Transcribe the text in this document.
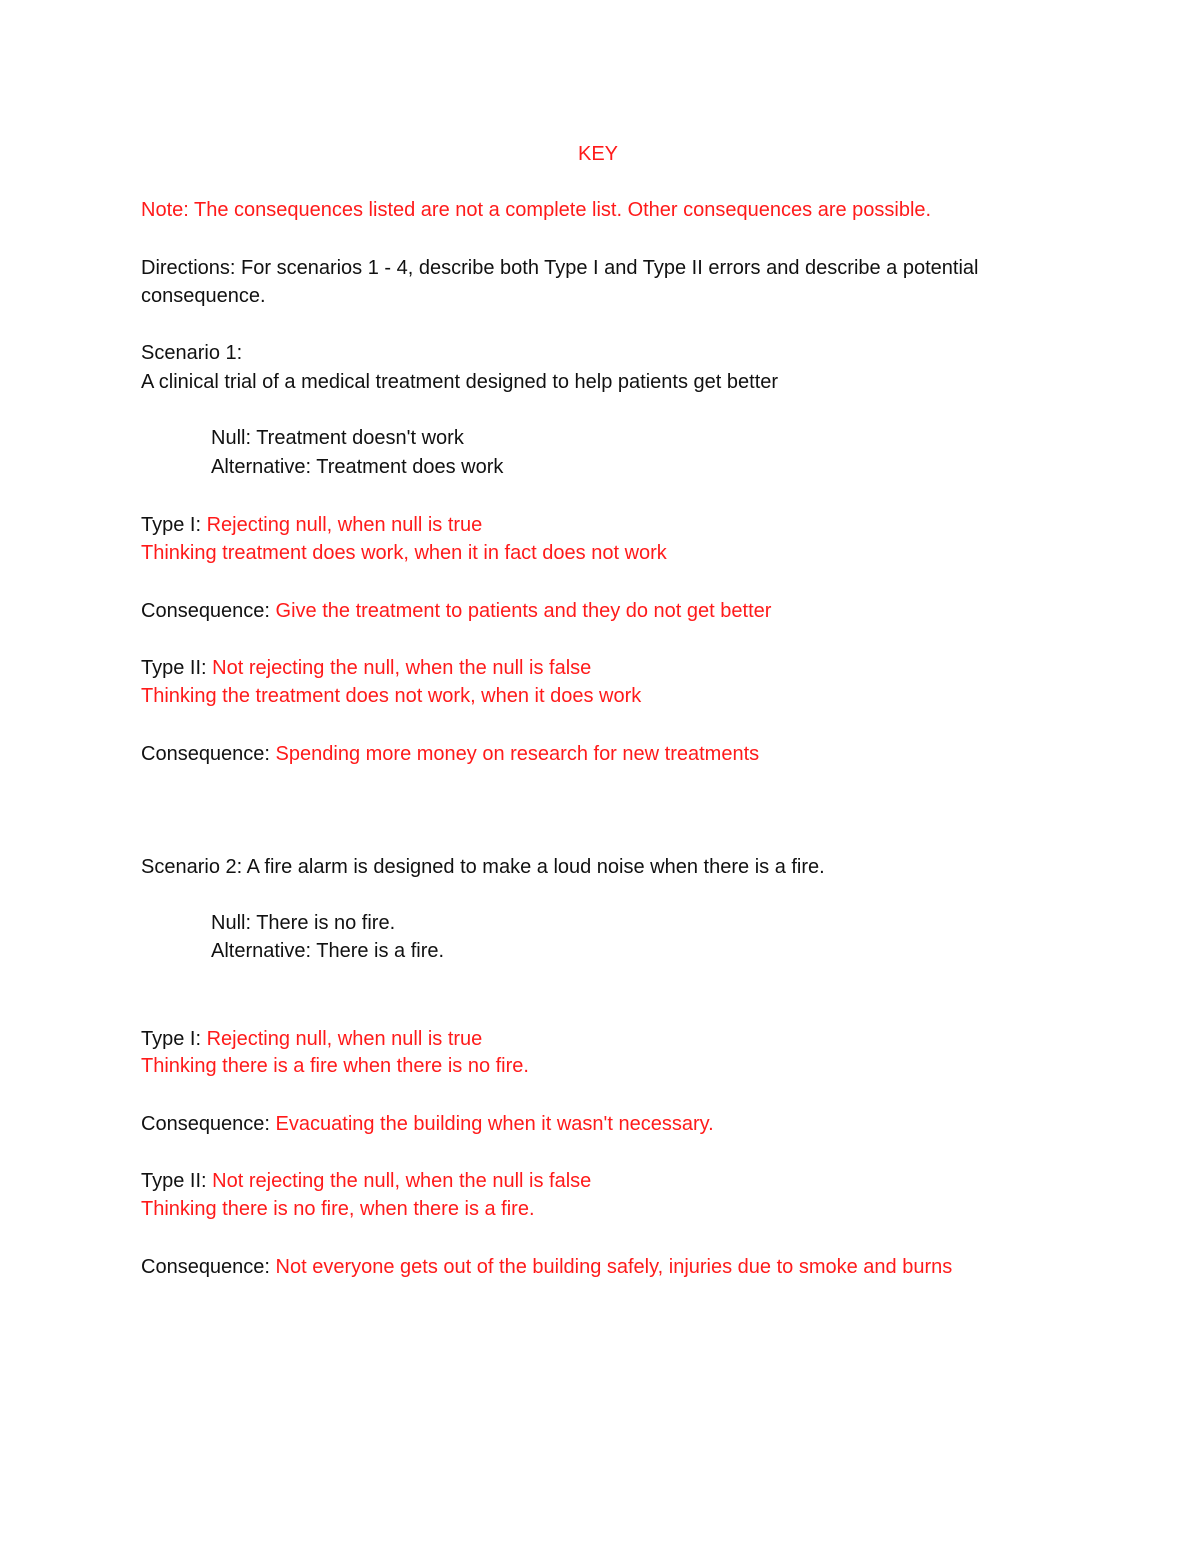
KEY
Note: The consequences listed are not a complete list. Other consequences are possible.
Directions: For scenarios 1 - 4, describe both Type I and Type II errors and describe a potential
consequence.
Scenario 1:
A clinical trial of a medical treatment designed to help patients get better
Null: Treatment doesn't work
Alternative: Treatment does work
Type I: Rejecting null, when null is true
Thinking treatment does work, when it in fact does not work
Consequence: Give the treatment to patients and they do not get better
Type II: Not rejecting the null, when the null is false
Thinking the treatment does not work, when it does work
Consequence: Spending more money on research for new treatments
Scenario 2: A fire alarm is designed to make a loud noise when there is a fire.
Null: There is no fire.
Alternative: There is a fire.
Type I: Rejecting null, when null is true
Thinking there is a fire when there is no fire.
Consequence: Evacuating the building when it wasn't necessary.
Type II: Not rejecting the null, when the null is false
Thinking there is no fire, when there is a fire.
Consequence: Not everyone gets out of the building safely, injuries due to smoke and burns
